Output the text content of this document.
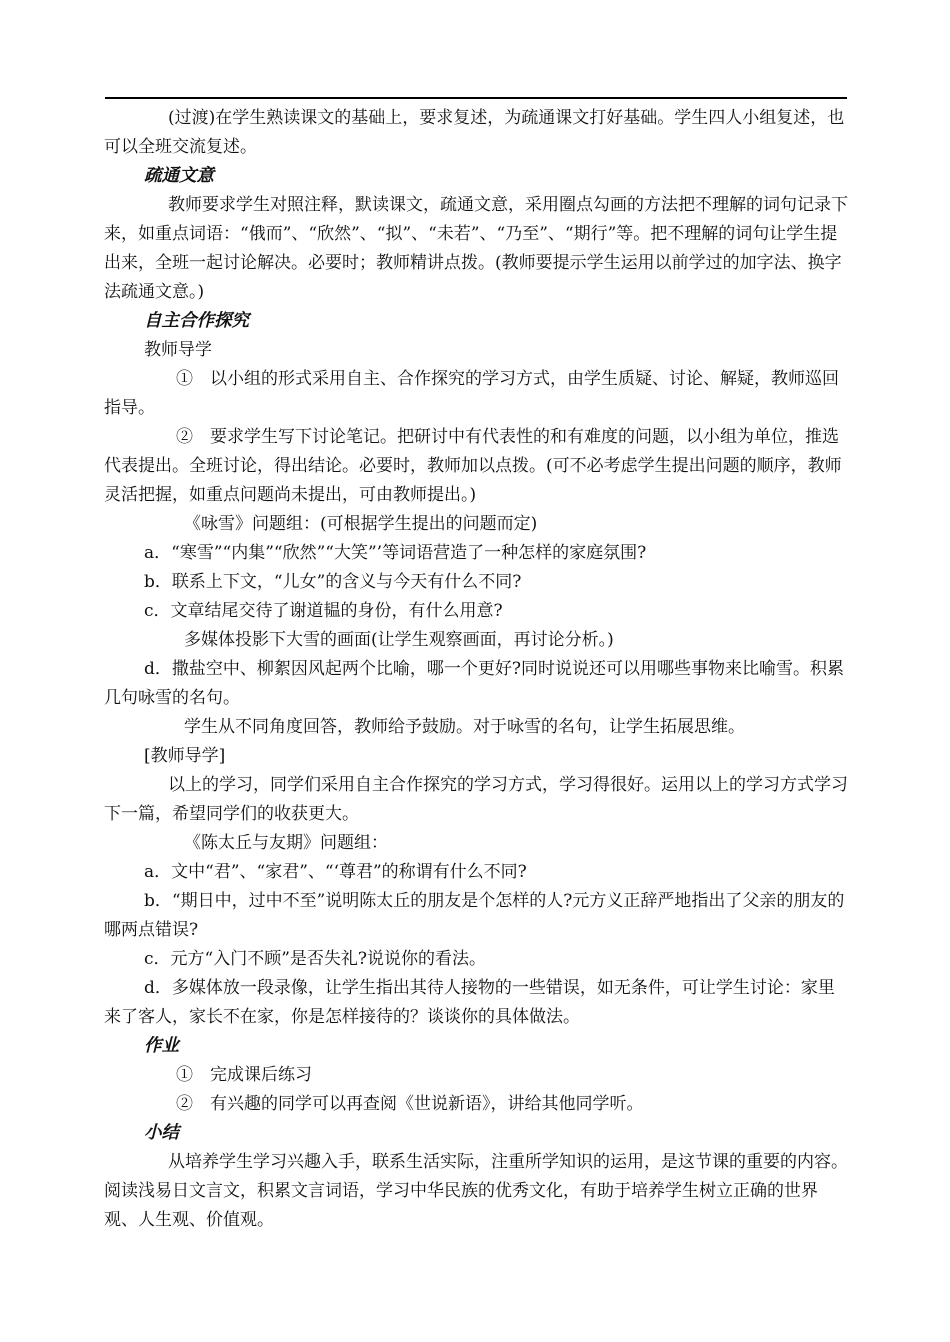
(过渡)在学生熟读课文的基础上，要求复述，为疏通课文打好基础。学生四人小组复述，也可以全班交流复述。

疏通文意

教师要求学生对照注释，默读课文，疏通文意，采用圈点勾画的方法把不理解的词句记录下来，如重点词语：“俄而”、“欣然”、“拟”、“未若”、“乃至”、“期行”等。把不理解的词句让学生提出来，全班一起讨论解决。必要时；教师精讲点拨。(教师要提示学生运用以前学过的加字法、换字法疏通文意。)

自主合作探究

教师导学

①　以小组的形式采用自主、合作探究的学习方式，由学生质疑、讨论、解疑，教师巡回指导。

②　要求学生写下讨论笔记。把研讨中有代表性的和有难度的问题，以小组为单位，推选代表提出。全班讨论，得出结论。必要时，教师加以点拨。(可不必考虑学生提出问题的顺序，教师灵活把握，如重点问题尚未提出，可由教师提出。)

《咏雪》问题组：(可根据学生提出的问题而定)

a．“寒雪”“内集”“欣然”“大笑”’等词语营造了一种怎样的家庭氛围?

b．联系上下文，“儿女”的含义与今天有什么不同?

c．文章结尾交待了谢道韫的身份，有什么用意?

多媒体投影下大雪的画面(让学生观察画面，再讨论分析。)

d．撒盐空中、柳絮因风起两个比喻，哪一个更好?同时说说还可以用哪些事物来比喻雪。积累几句咏雪的名句。

学生从不同角度回答，教师给予鼓励。对于咏雪的名句，让学生拓展思维。

[教师导学]

以上的学习，同学们采用自主合作探究的学习方式，学习得很好。运用以上的学习方式学习下一篇，希望同学们的收获更大。

《陈太丘与友期》问题组：

a．文中“君”、“家君”、“‘尊君”的称谓有什么不同?

b．“期日中，过中不至”说明陈太丘的朋友是个怎样的人?元方义正辞严地指出了父亲的朋友的哪两点错误?

c．元方“入门不顾”是否失礼?说说你的看法。

d．多媒体放一段录像，让学生指出其待人接物的一些错误，如无条件，可让学生讨论：家里来了客人，家长不在家，你是怎样接待的？谈谈你的具体做法。

作业

①　完成课后练习

②　有兴趣的同学可以再查阅《世说新语》，讲给其他同学听。

小结

从培养学生学习兴趣入手，联系生活实际，注重所学知识的运用，是这节课的重要的内容。阅读浅易日文言文，积累文言词语，学习中华民族的优秀文化，有助于培养学生树立正确的世界观、人生观、价值观。
